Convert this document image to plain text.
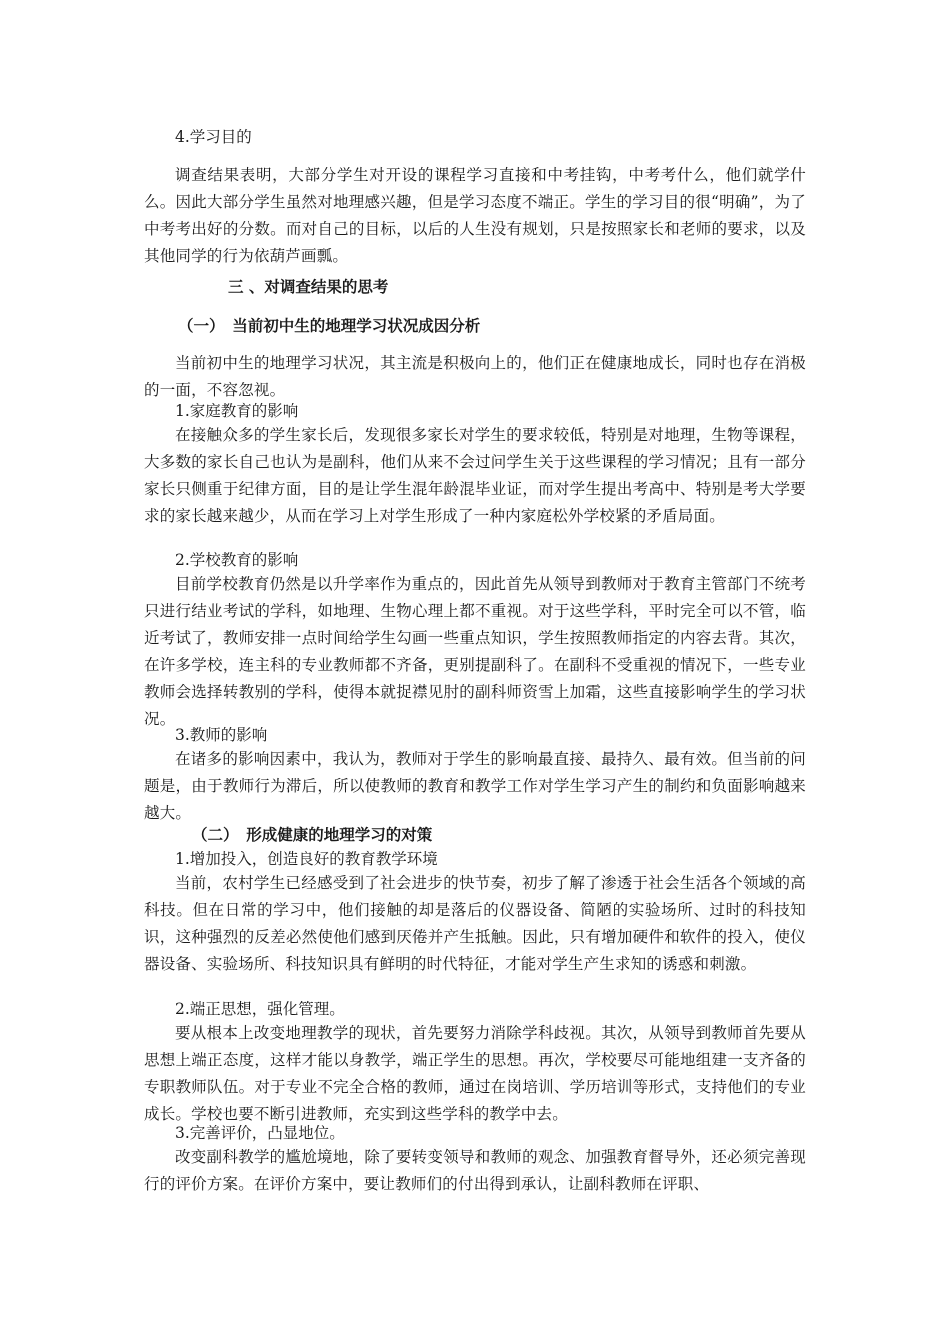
4.学习目的

调查结果表明，大部分学生对开设的课程学习直接和中考挂钩，中考考什么，他们就学什么。因此大部分学生虽然对地理感兴趣，但是学习态度不端正。学生的学习目的很“明确”，为了中考考出好的分数。而对自己的目标，以后的人生没有规划，只是按照家长和老师的要求，以及其他同学的行为依葫芦画瓢。

三 、对调查结果的思考

（一）　当前初中生的地理学习状况成因分析

当前初中生的地理学习状况，其主流是积极向上的，他们正在健康地成长，同时也存在消极的一面，不容忽视。

1.家庭教育的影响

在接触众多的学生家长后，发现很多家长对学生的要求较低，特别是对地理，生物等课程，大多数的家长自己也认为是副科，他们从来不会过问学生关于这些课程的学习情况；且有一部分家长只侧重于纪律方面，目的是让学生混年龄混毕业证，而对学生提出考高中、特别是考大学要求的家长越来越少，从而在学习上对学生形成了一种内家庭松外学校紧的矛盾局面。

2.学校教育的影响

目前学校教育仍然是以升学率作为重点的，因此首先从领导到教师对于教育主管部门不统考只进行结业考试的学科，如地理、生物心理上都不重视。对于这些学科，平时完全可以不管，临近考试了，教师安排一点时间给学生勾画一些重点知识，学生按照教师指定的内容去背。其次，在许多学校，连主科的专业教师都不齐备，更别提副科了。在副科不受重视的情况下，一些专业教师会选择转教别的学科，使得本就捉襟见肘的副科师资雪上加霜，这些直接影响学生的学习状况。

3.教师的影响

在诸多的影响因素中，我认为，教师对于学生的影响最直接、最持久、最有效。但当前的问题是，由于教师行为滞后，所以使教师的教育和教学工作对学生学习产生的制约和负面影响越来越大。

（二）　形成健康的地理学习的对策

1.增加投入，创造良好的教育教学环境

当前，农村学生已经感受到了社会进步的快节奏，初步了解了渗透于社会生活各个领域的高科技。但在日常的学习中，他们接触的却是落后的仪器设备、简陋的实验场所、过时的科技知识，这种强烈的反差必然使他们感到厌倦并产生抵触。因此，只有增加硬件和软件的投入，使仪器设备、实验场所、科技知识具有鲜明的时代特征，才能对学生产生求知的诱惑和刺激。

2.端正思想，强化管理。

要从根本上改变地理教学的现状，首先要努力消除学科歧视。其次，从领导到教师首先要从思想上端正态度，这样才能以身教学，端正学生的思想。再次，学校要尽可能地组建一支齐备的专职教师队伍。对于专业不完全合格的教师，通过在岗培训、学历培训等形式，支持他们的专业成长。学校也要不断引进教师，充实到这些学科的教学中去。

3.完善评价，凸显地位。

改变副科教学的尴尬境地，除了要转变领导和教师的观念、加强教育督导外，还必须完善现行的评价方案。在评价方案中，要让教师们的付出得到承认，让副科教师在评职、
